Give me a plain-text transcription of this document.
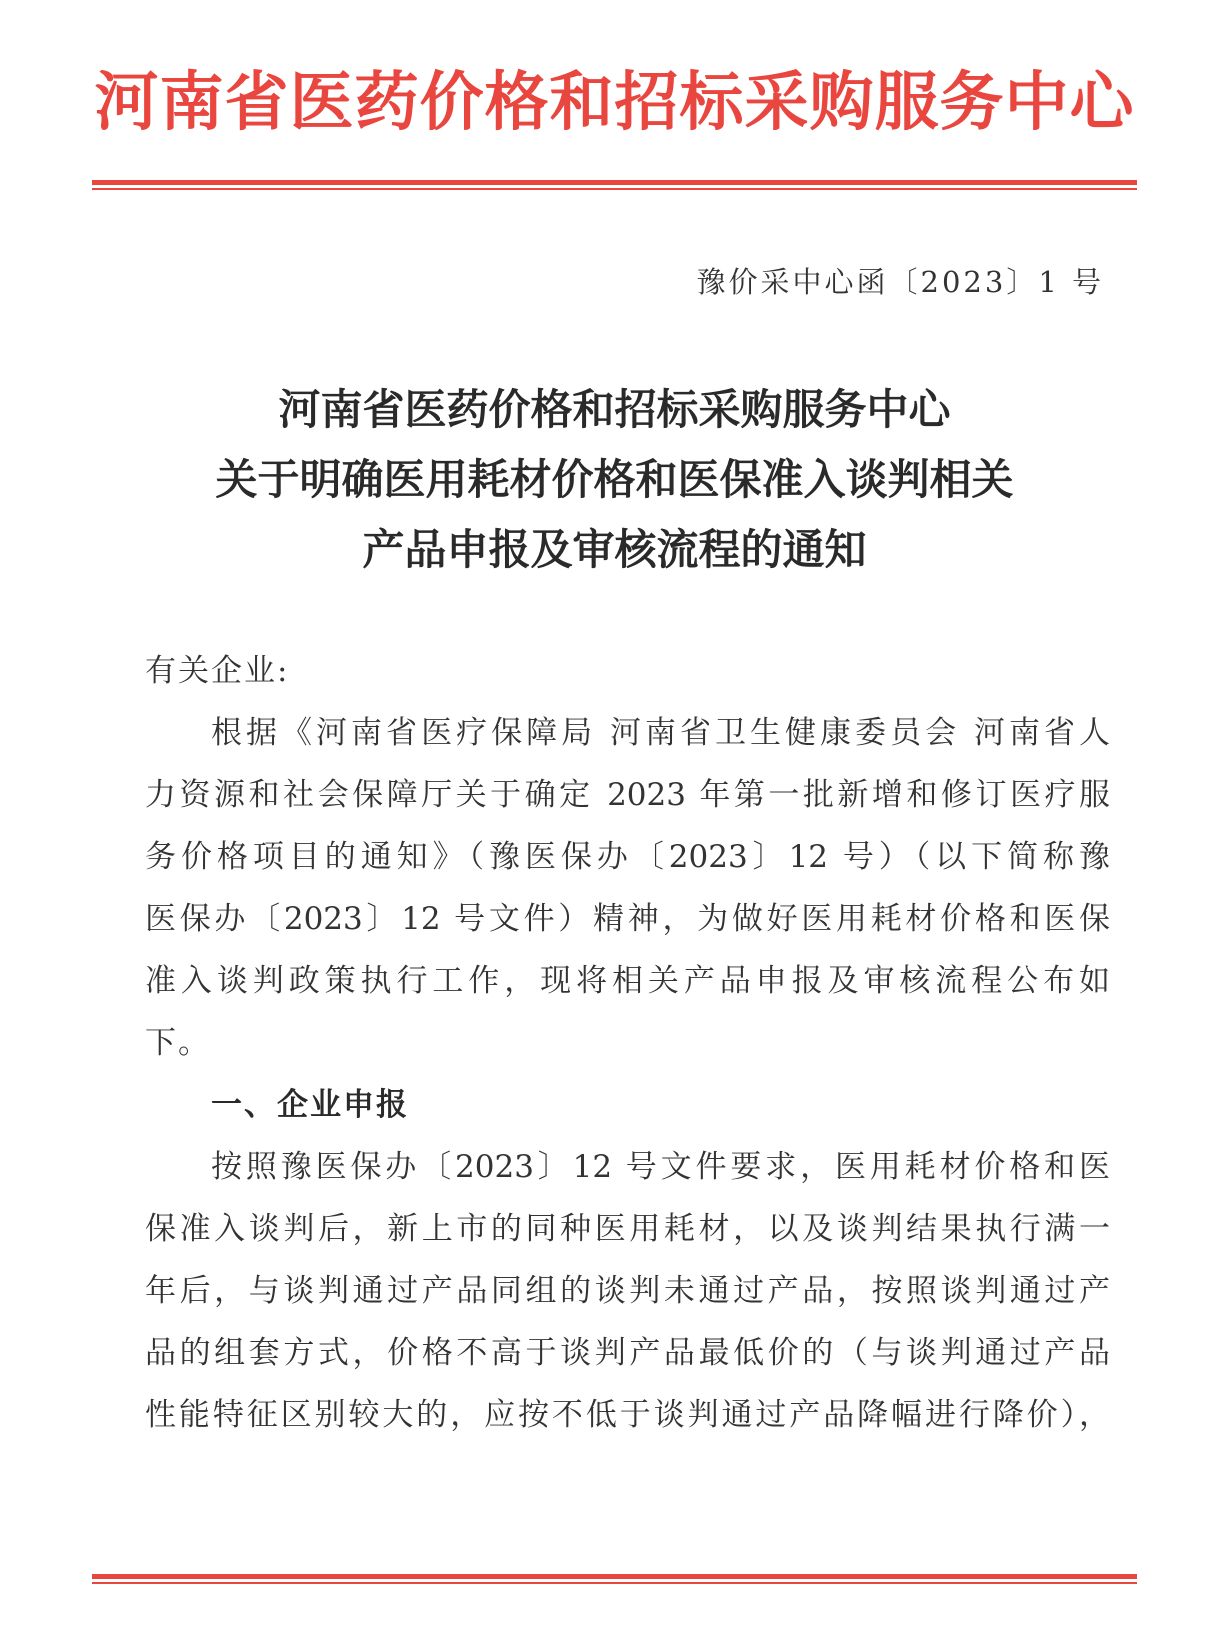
河南省医药价格和招标采购服务中心
豫价采中心函〔2023〕1 号
河南省医药价格和招标采购服务中心
关于明确医用耗材价格和医保准入谈判相关
产品申报及审核流程的通知
有关企业:
根据《河南省医疗保障局 河南省卫生健康委员会 河南省人
力资源和社会保障厅关于确定 2023 年第一批新增和修订医疗服
务价格项目的通知》（豫医保办〔2023〕12 号）（以下简称豫
医保办〔2023〕12 号文件）精神，为做好医用耗材价格和医保
准入谈判政策执行工作，现将相关产品申报及审核流程公布如
下。
一、企业申报
按照豫医保办〔2023〕12 号文件要求，医用耗材价格和医
保准入谈判后，新上市的同种医用耗材，以及谈判结果执行满一
年后，与谈判通过产品同组的谈判未通过产品，按照谈判通过产
品的组套方式，价格不高于谈判产品最低价的（与谈判通过产品
性能特征区别较大的，应按不低于谈判通过产品降幅进行降价），
